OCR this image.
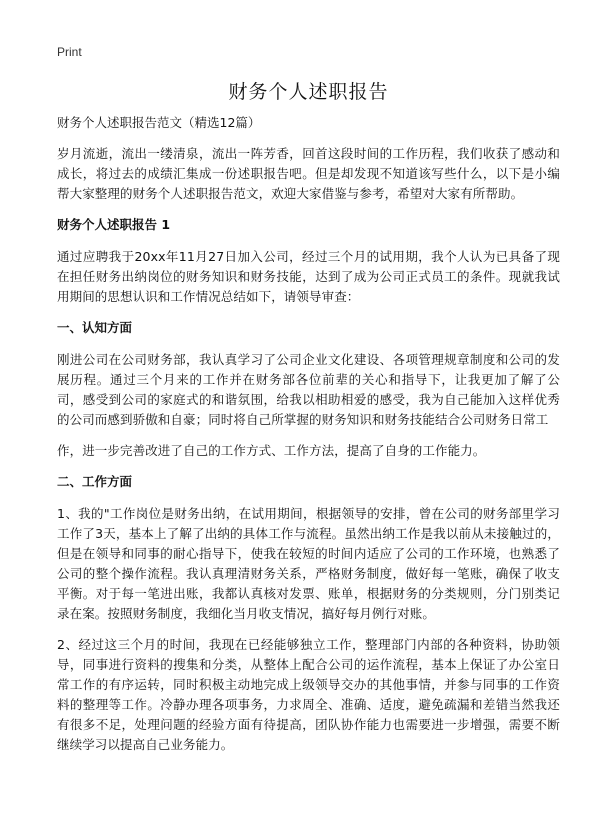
Print
财务个人述职报告
财务个人述职报告范文（精选12篇）

岁月流逝，流出一缕清泉，流出一阵芳香，回首这段时间的工作历程，我们收获了感动和成长，将过去的成绩汇集成一份述职报告吧。但是却发现不知道该写些什么，以下是小编帮大家整理的财务个人述职报告范文，欢迎大家借鉴与参考，希望对大家有所帮助。

财务个人述职报告 1

通过应聘我于20xx年11月27日加入公司，经过三个月的试用期，我个人认为已具备了现在担任财务出纳岗位的财务知识和财务技能，达到了成为公司正式员工的条件。现就我试用期间的思想认识和工作情况总结如下，请领导审查：

一、认知方面

刚进公司在公司财务部，我认真学习了公司企业文化建设、各项管理规章制度和公司的发展历程。通过三个月来的工作并在财务部各位前辈的关心和指导下，让我更加了解了公司，感受到公司的家庭式的和谐氛围，给我以相助相爱的感受，我为自己能加入这样优秀的公司而感到骄傲和自豪；同时将自己所掌握的财务知识和财务技能结合公司财务日常工

作，进一步完善改进了自己的工作方式、工作方法，提高了自身的工作能力。

二、工作方面

1、我的"工作岗位是财务出纳，在试用期间，根据领导的安排，曾在公司的财务部里学习工作了3天，基本上了解了出纳的具体工作与流程。虽然出纳工作是我以前从未接触过的，但是在领导和同事的耐心指导下，使我在较短的时间内适应了公司的工作环境，也熟悉了公司的整个操作流程。我认真理清财务关系，严格财务制度，做好每一笔账，确保了收支平衡。对于每一笔进出账，我都认真核对发票、账单，根据财务的分类规则，分门别类记录在案。按照财务制度，我细化当月收支情况，搞好每月例行对账。

2、经过这三个月的时间，我现在已经能够独立工作，整理部门内部的各种资料，协助领导，同事进行资料的搜集和分类，从整体上配合公司的运作流程，基本上保证了办公室日常工作的有序运转，同时积极主动地完成上级领导交办的其他事情，并参与同事的工作资料的整理等工作。冷静办理各项事务，力求周全、准确、适度，避免疏漏和差错当然我还有很多不足，处理问题的经验方面有待提高，团队协作能力也需要进一步增强，需要不断继续学习以提高自己业务能力。
